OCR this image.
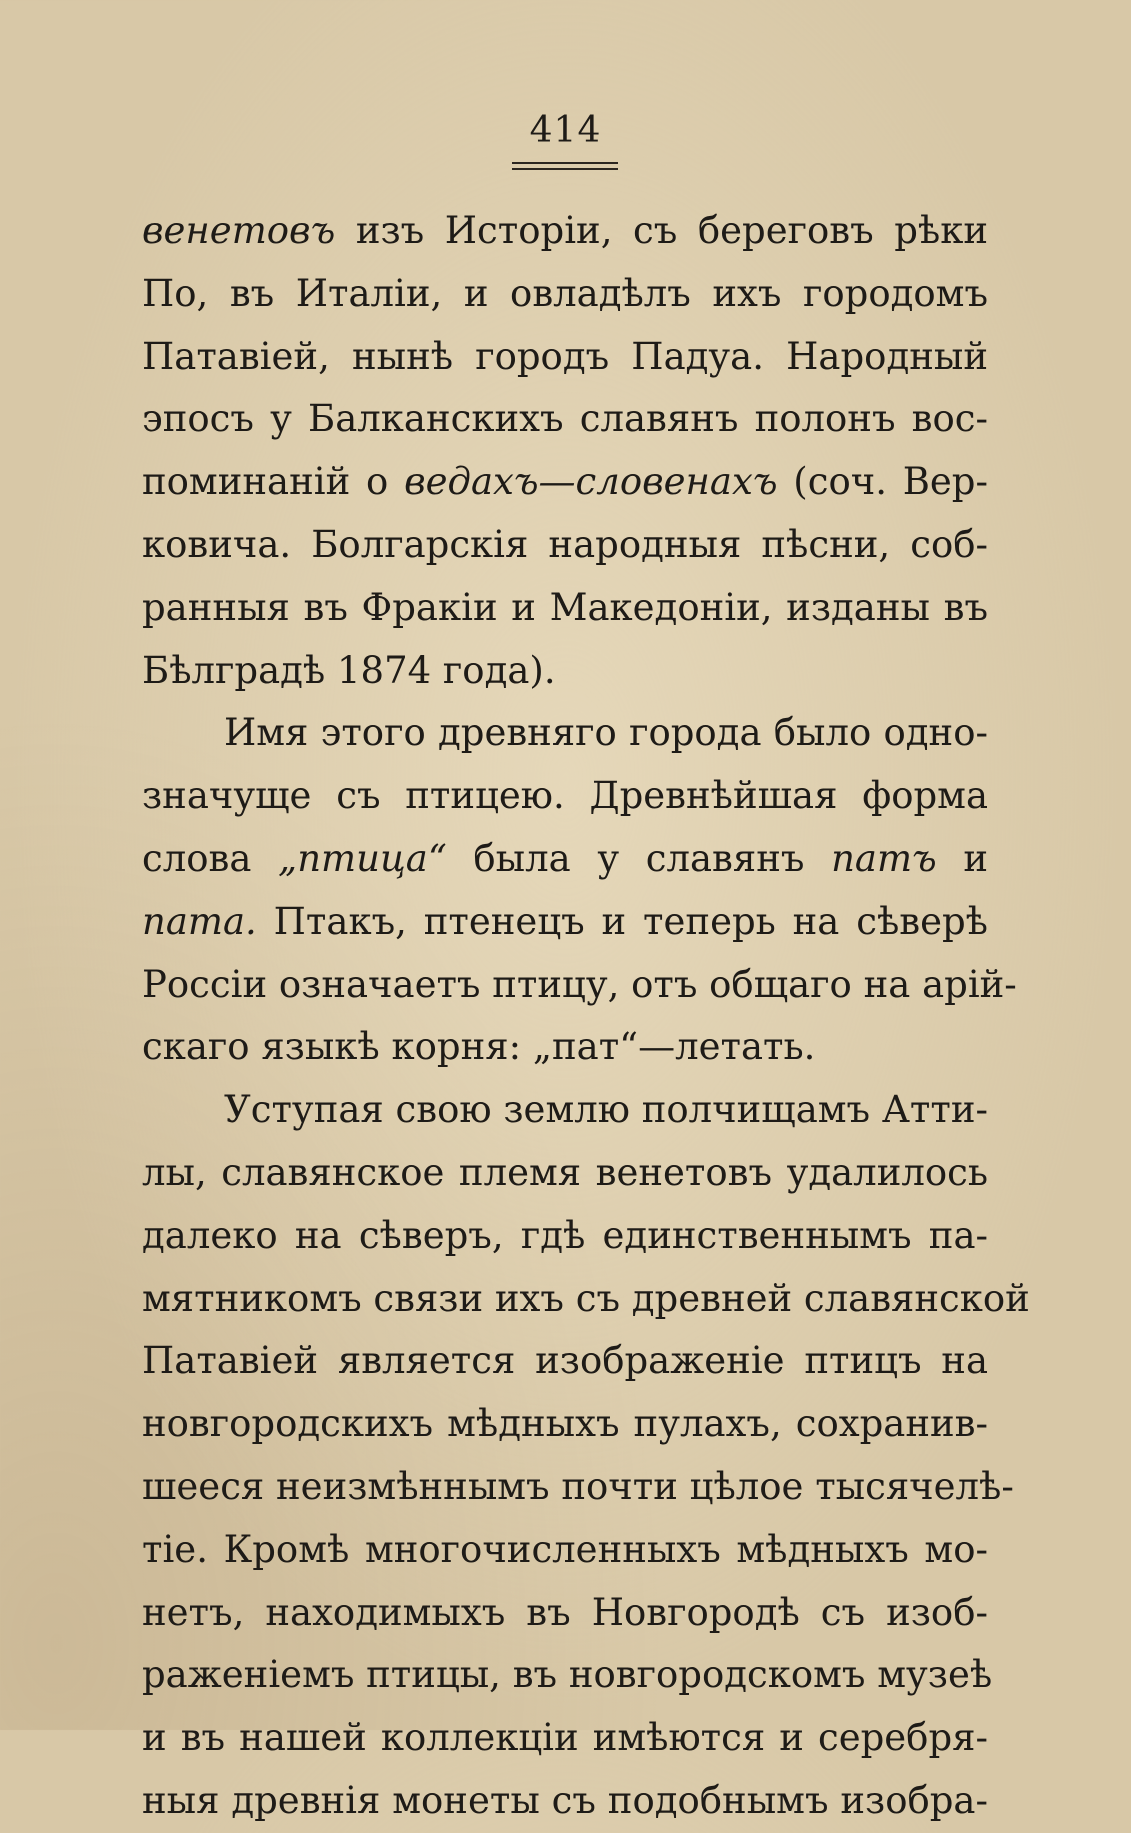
414
венетовъ изъ Исторіи, съ береговъ рѣки
По, въ Италіи, и овладѣлъ ихъ городомъ
Патавіей, нынѣ городъ Падуа. Народный
эпосъ у Балканскихъ славянъ полонъ вос-
поминаній о ведахъ—словенахъ (соч. Вер-
ковича. Болгарскія народныя пѣсни, соб-
ранныя въ Фракіи и Македоніи, изданы въ
Бѣлградѣ 1874 года).
Имя этого древняго города было одно-
значуще съ птицею. Древнѣйшая форма
слова „птица“ была у славянъ патъ и
пата. Птакъ, птенецъ и теперь на сѣверѣ
Россіи означаетъ птицу, отъ общаго на арій-
скаго языкѣ корня: „пат“—летать.
Уступая свою землю полчищамъ Атти-
лы, славянское племя венетовъ удалилось
далеко на сѣверъ, гдѣ единственнымъ па-
мятникомъ связи ихъ съ древней славянской
Патавіей является изображеніе птицъ на
новгородскихъ мѣдныхъ пулахъ, сохранив-
шееся неизмѣннымъ почти цѣлое тысячелѣ-
тіе. Кромѣ многочисленныхъ мѣдныхъ мо-
нетъ, находимыхъ въ Новгородѣ съ изоб-
раженіемъ птицы, въ новгородскомъ музеѣ
и въ нашей коллекціи имѣются и серебря-
ныя древнія монеты съ подобнымъ изобра-
